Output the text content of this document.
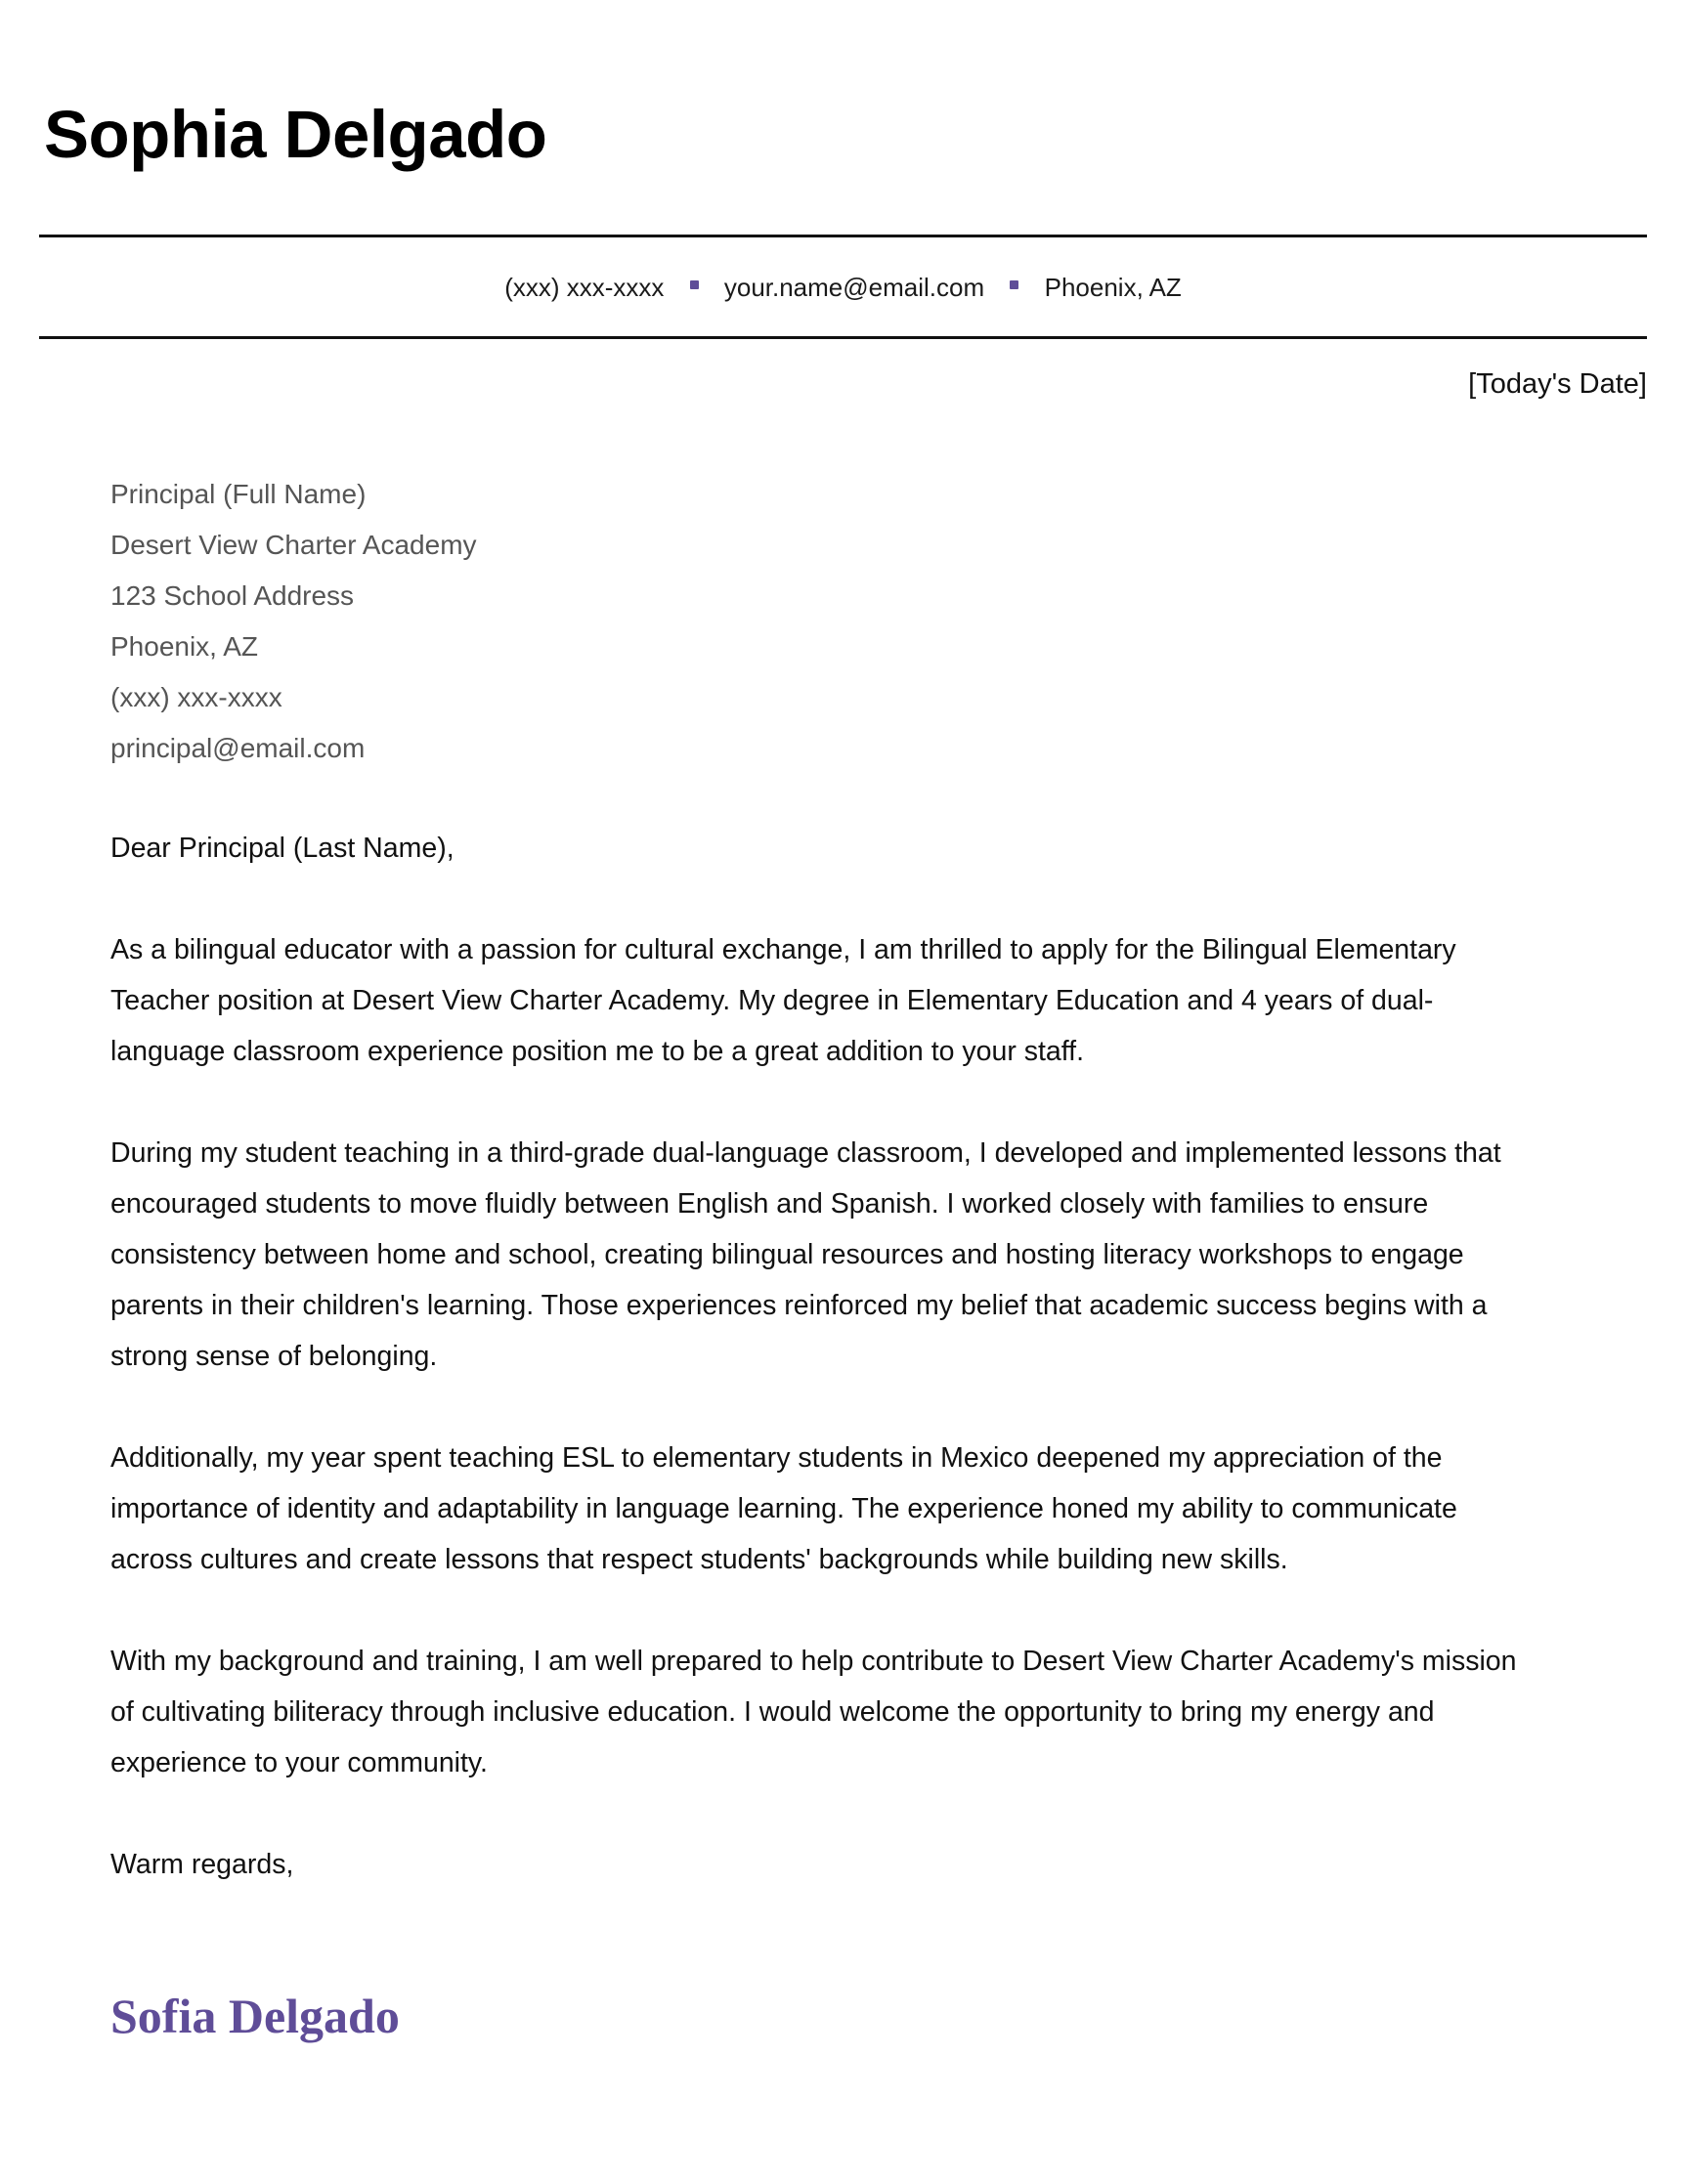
Sophia Delgado
(xxx) xxx-xxxx your.name@email.com Phoenix, AZ
[Today's Date]
Principal (Full Name)
Desert View Charter Academy
123 School Address
Phoenix, AZ
(xxx) xxx-xxxx
principal@email.com

Dear Principal (Last Name),

As a bilingual educator with a passion for cultural exchange, I am thrilled to apply for the Bilingual Elementary Teacher position at Desert View Charter Academy. My degree in Elementary Education and 4 years of dual-language classroom experience position me to be a great addition to your staff.

During my student teaching in a third-grade dual-language classroom, I developed and implemented lessons that encouraged students to move fluidly between English and Spanish. I worked closely with families to ensure consistency between home and school, creating bilingual resources and hosting literacy workshops to engage parents in their children's learning. Those experiences reinforced my belief that academic success begins with a strong sense of belonging.

Additionally, my year spent teaching ESL to elementary students in Mexico deepened my appreciation of the importance of identity and adaptability in language learning. The experience honed my ability to communicate across cultures and create lessons that respect students' backgrounds while building new skills.

With my background and training, I am well prepared to help contribute to Desert View Charter Academy's mission of cultivating biliteracy through inclusive education. I would welcome the opportunity to bring my energy and experience to your community.

Warm regards,

Sofia Delgado
